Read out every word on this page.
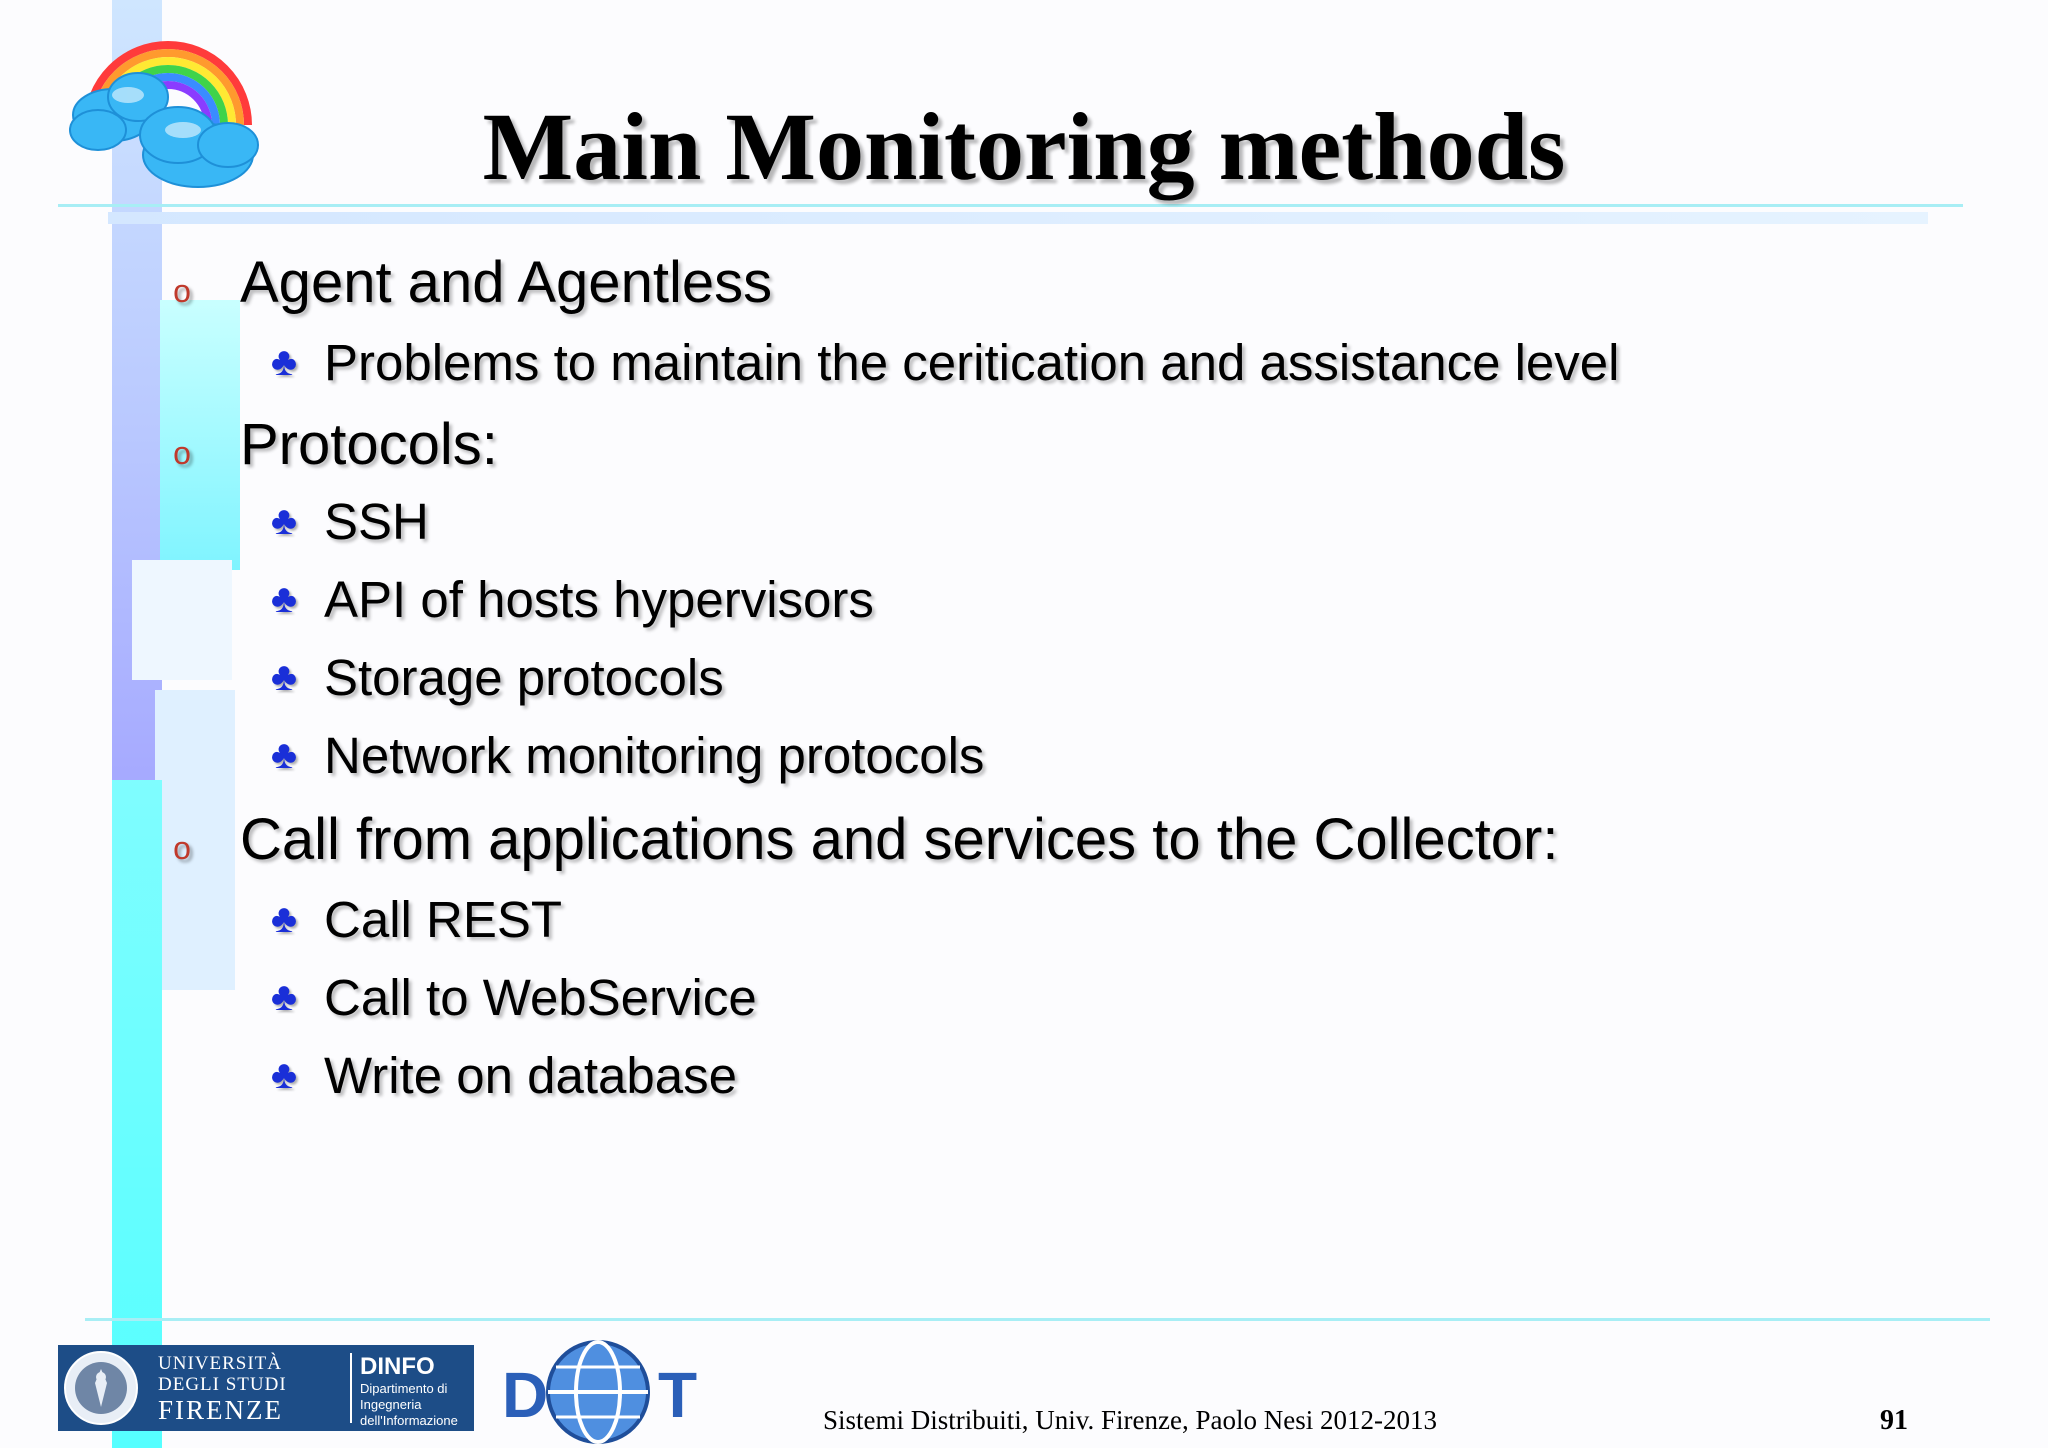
Main Monitoring methods
o Agent and Agentless
♣ Problems to maintain the ceritication and assistance level
o Protocols:
♣ SSH
♣ API of hosts hypervisors
♣ Storage protocols
♣ Network monitoring protocols
o Call from applications and services to the Collector:
♣ Call REST
♣ Call to WebService
♣ Write on database
UNIVERSITÀ
DEGLI STUDI
FIRENZE
DINFO
Dipartimento di
Ingegneria dell'Informazione D T	Sistemi Distribuiti, Univ. Firenze, Paolo Nesi 2012-2013	91
